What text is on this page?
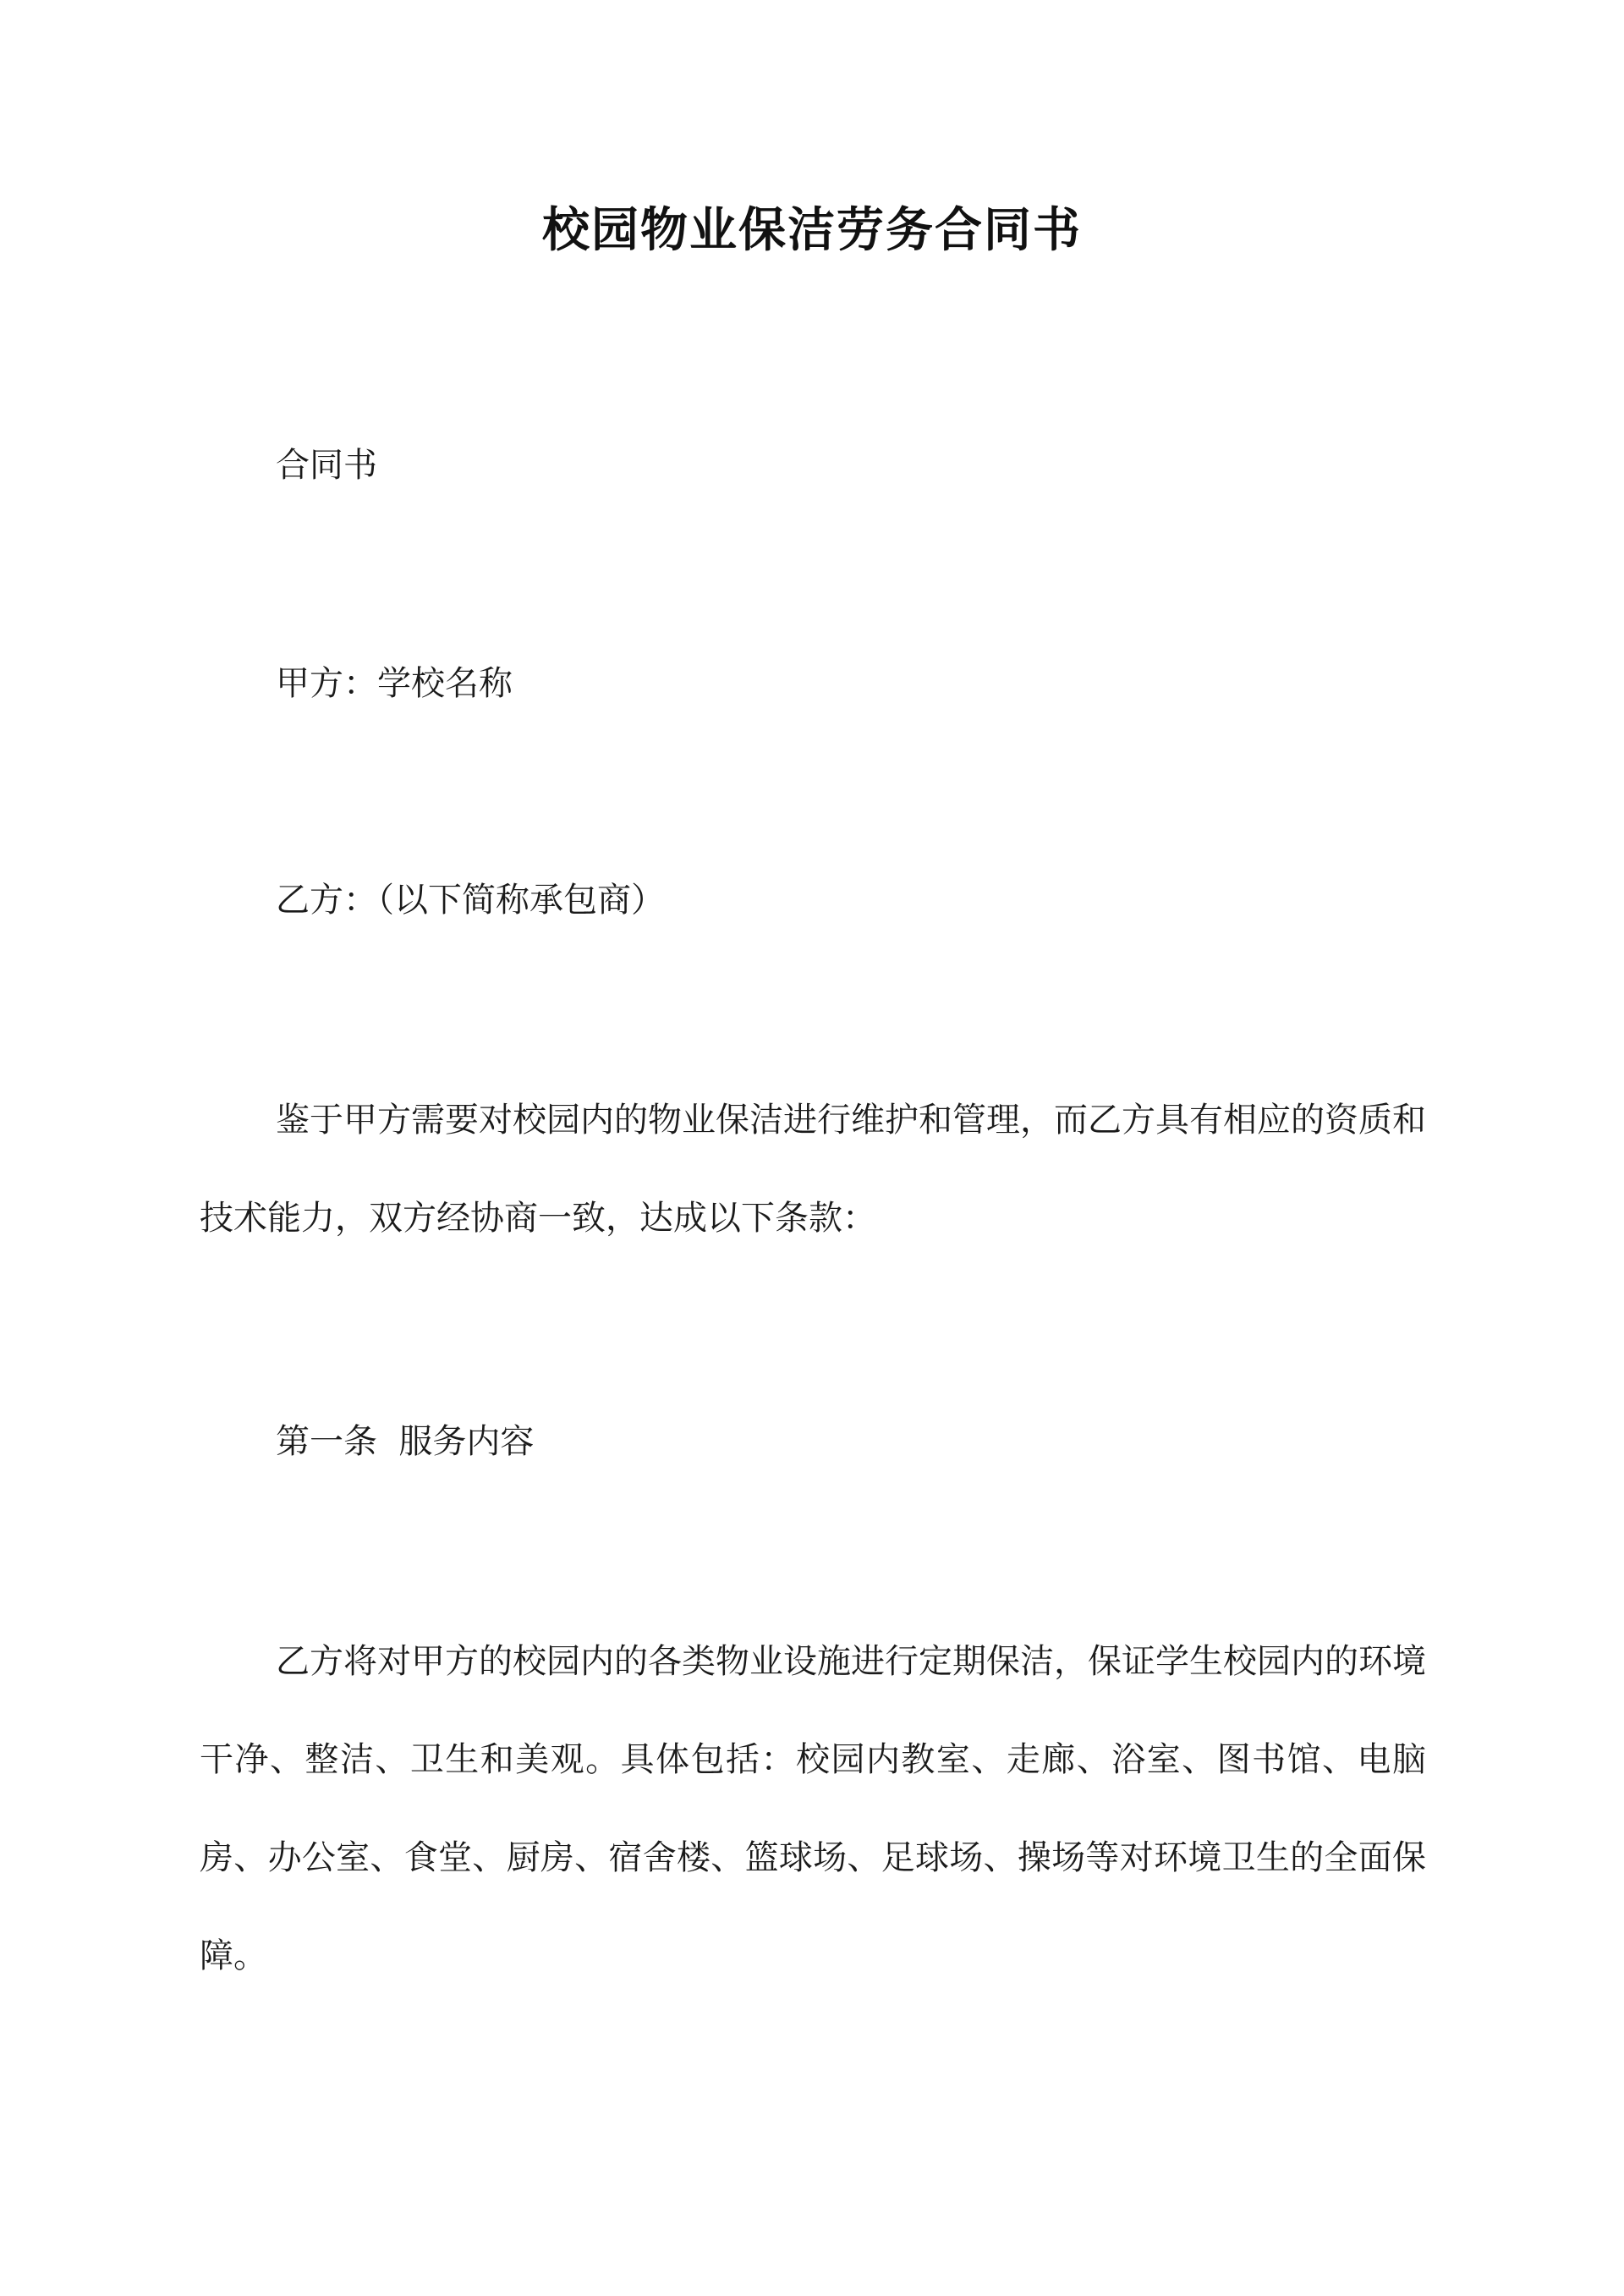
校园物业保洁劳务合同书

合同书

甲方：学校名称

乙方：（以下简称承包商）

鉴于甲方需要对校园内的物业保洁进行维护和管理，而乙方具有相应的资质和技术能力，双方经协商一致，达成以下条款：

第一条  服务内容

乙方将对甲方的校园内的各类物业设施进行定期保洁，保证学生校园内的环境干净、整洁、卫生和美观。具体包括：校园内教室、走廊、浴室、图书馆、电脑房、办公室、食堂、厨房、宿舍楼、篮球场、足球场、操场等对环境卫生的全面保障。
